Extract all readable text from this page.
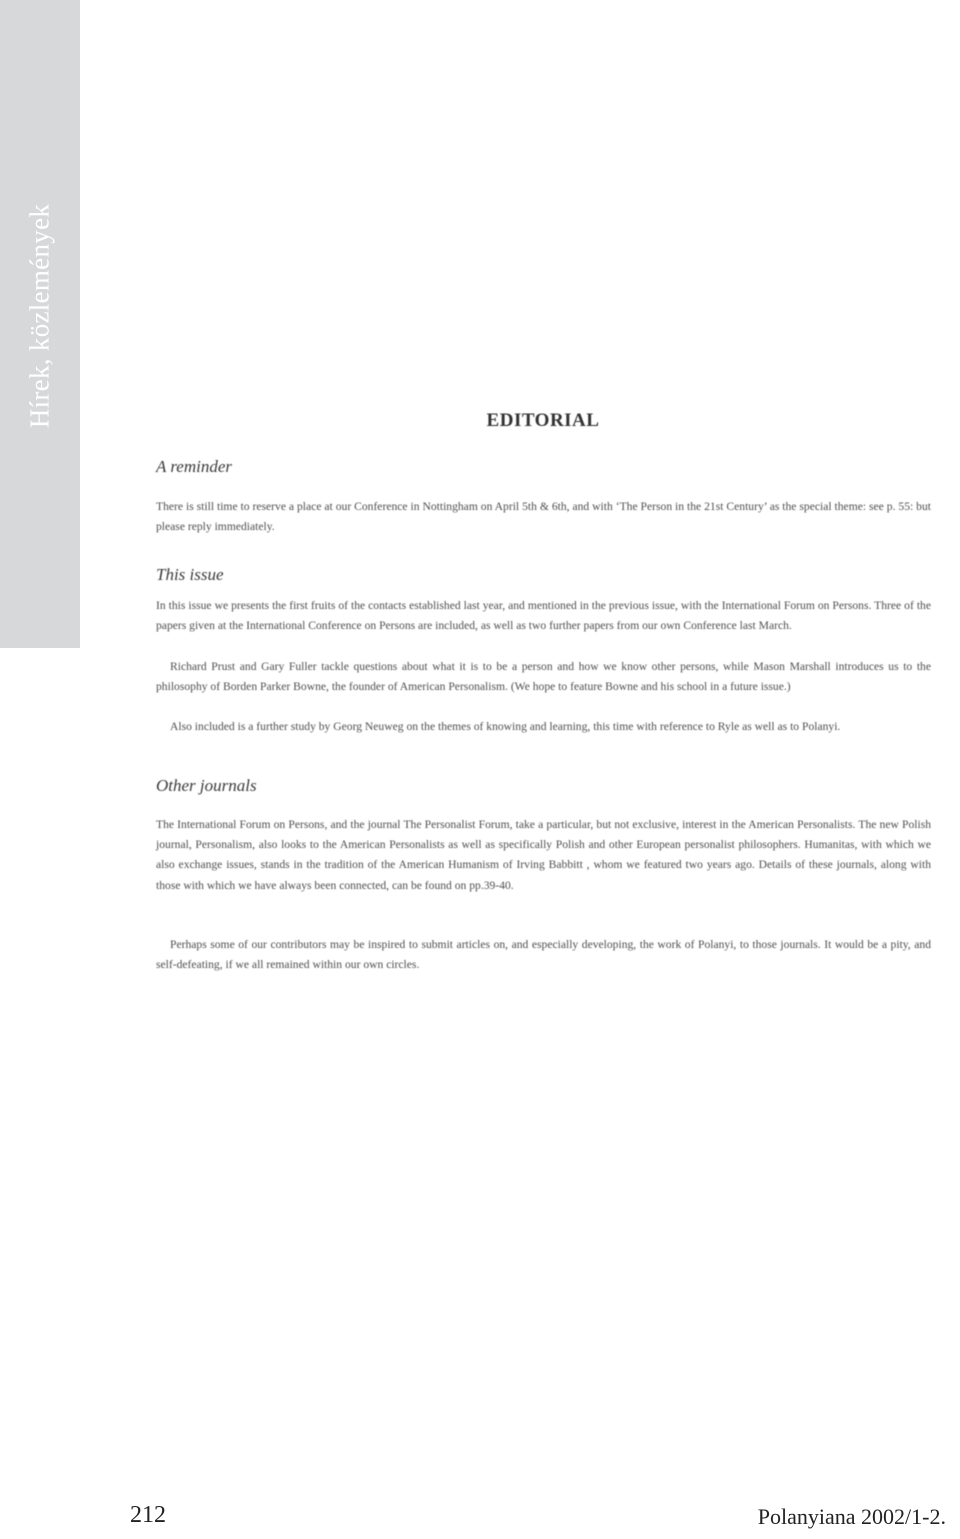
Hírek, közlemények	EDITORIAL
A reminder

There is still time to reserve a place at our Conference in Nottingham on April 5th & 6th, and with ‘The Person in the 21st Century’ as the special theme: see p. 55: but please reply immediately.

This issue

In this issue we presents the first fruits of the contacts established last year, and mentioned in the previous issue, with the International Forum on Persons. Three of the papers given at the International Conference on Persons are included, as well as two further papers from our own Conference last March.

Richard Prust and Gary Fuller tackle questions about what it is to be a person and how we know other persons, while Mason Marshall introduces us to the philosophy of Borden Parker Bowne, the founder of American Personalism. (We hope to feature Bowne and his school in a future issue.)

Also included is a further study by Georg Neuweg on the themes of knowing and learning, this time with reference to Ryle as well as to Polanyi.

Other journals

The International Forum on Persons, and the journal The Personalist Forum, take a particular, but not exclusive, interest in the American Personalists. The new Polish journal, Personalism, also looks to the American Personalists as well as specifically Polish and other European personalist philosophers. Humanitas, with which we also exchange issues, stands in the tradition of the American Humanism of Irving Babbitt , whom we featured two years ago. Details of these journals, along with those with which we have always been connected, can be found on pp.39-40.

Perhaps some of our contributors may be inspired to submit articles on, and especially developing, the work of Polanyi, to those journals. It would be a pity, and self-defeating, if we all remained within our own circles.

212	Polanyiana 2002/1-2.
